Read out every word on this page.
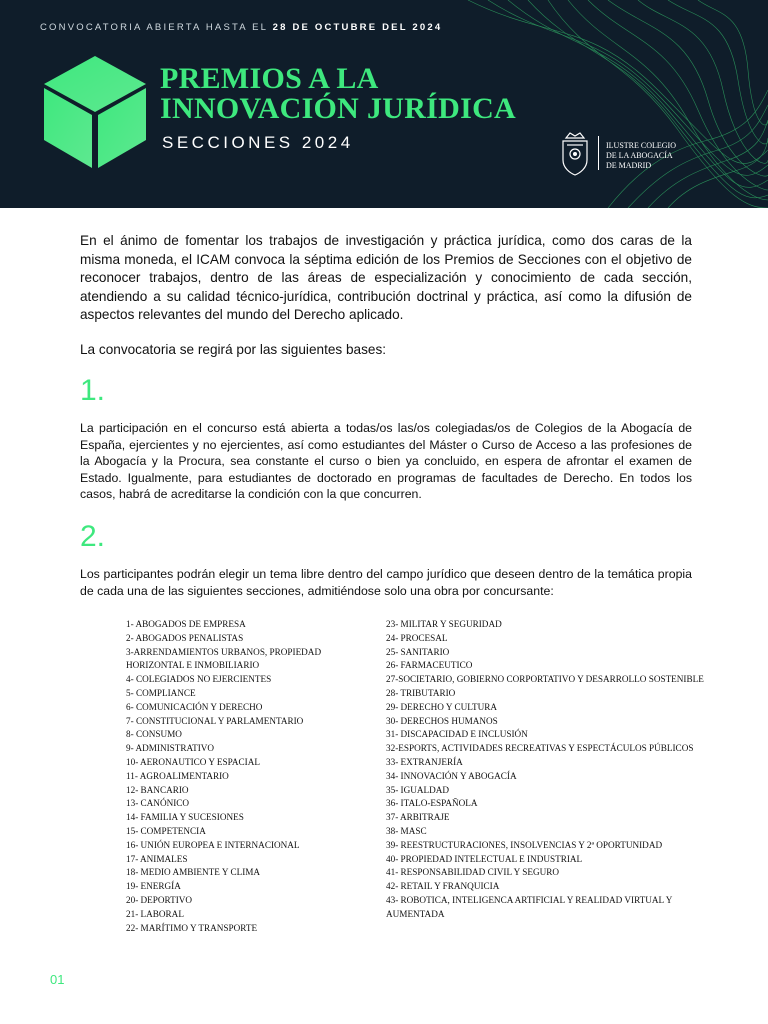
CONVOCATORIA ABIERTA HASTA EL 28 DE OCTUBRE DEL 2024
PREMIOS A LA
INNOVACIÓN JURÍDICA
SECCIONES 2024	ILUSTRE COLEGIO
DE LA ABOGACÍA
DE MADRID

En el ánimo de fomentar los trabajos de investigación y práctica jurídica, como dos caras de la misma moneda, el ICAM convoca la séptima edición de los Premios de Secciones con el objetivo de reconocer trabajos, dentro de las áreas de especialización y conocimiento de cada sección, atendiendo a su calidad técnico-jurídica, contribución doctrinal y práctica, así como la difusión de aspectos relevantes del mundo del Derecho aplicado.

La convocatoria se regirá por las siguientes bases:

1.

La participación en el concurso está abierta a todas/os las/os colegiadas/os de Colegios de la Abogacía de España, ejercientes y no ejercientes, así como estudiantes del Máster o Curso de Acceso a las profesiones de la Abogacía y la Procura, sea constante el curso o bien ya concluido, en espera de afrontar el examen de Estado. Igualmente, para estudiantes de doctorado en programas de facultades de Derecho. En todos los casos, habrá de acreditarse la condición con la que concurren.

2.

Los participantes podrán elegir un tema libre dentro del campo jurídico que deseen dentro de la temática propia de cada una de las siguientes secciones, admitiéndose solo una obra por concursante:

1- ABOGADOS DE EMPRESA
2- ABOGADOS PENALISTAS
3-ARRENDAMIENTOS URBANOS, PROPIEDAD
HORIZONTAL E INMOBILIARIO
4- COLEGIADOS NO EJERCIENTES
5- COMPLIANCE
6- COMUNICACIÓN Y DERECHO
7- CONSTITUCIONAL Y PARLAMENTARIO
8- CONSUMO
9- ADMINISTRATIVO
10- AERONAUTICO Y ESPACIAL
11- AGROALIMENTARIO
12- BANCARIO
13- CANÓNICO
14- FAMILIA Y SUCESIONES
15- COMPETENCIA
16- UNIÓN EUROPEA E INTERNACIONAL
17- ANIMALES
18- MEDIO AMBIENTE Y CLIMA
19- ENERGÍA
20- DEPORTIVO
21- LABORAL
22- MARÍTIMO Y TRANSPORTE
23- MILITAR Y SEGURIDAD
24- PROCESAL
25- SANITARIO
26- FARMACEUTICO
27-SOCIETARIO, GOBIERNO CORPORTATIVO Y DESARROLLO SOSTENIBLE
28- TRIBUTARIO
29- DERECHO Y CULTURA
30- DERECHOS HUMANOS
31- DISCAPACIDAD E INCLUSIÓN
32-ESPORTS, ACTIVIDADES RECREATIVAS Y ESPECTÁCULOS PÚBLICOS
33- EXTRANJERÍA
34- INNOVACIÓN Y ABOGACÍA
35- IGUALDAD
36- ITALO-ESPAÑOLA
37- ARBITRAJE
38- MASC
39- REESTRUCTURACIONES, INSOLVENCIAS Y 2ª OPORTUNIDAD
40- PROPIEDAD INTELECTUAL E INDUSTRIAL
41- RESPONSABILIDAD CIVIL Y SEGURO
42- RETAIL Y FRANQUICIA
43- ROBOTICA, INTELIGENCA ARTIFICIAL Y REALIDAD VIRTUAL Y
AUMENTADA
01
